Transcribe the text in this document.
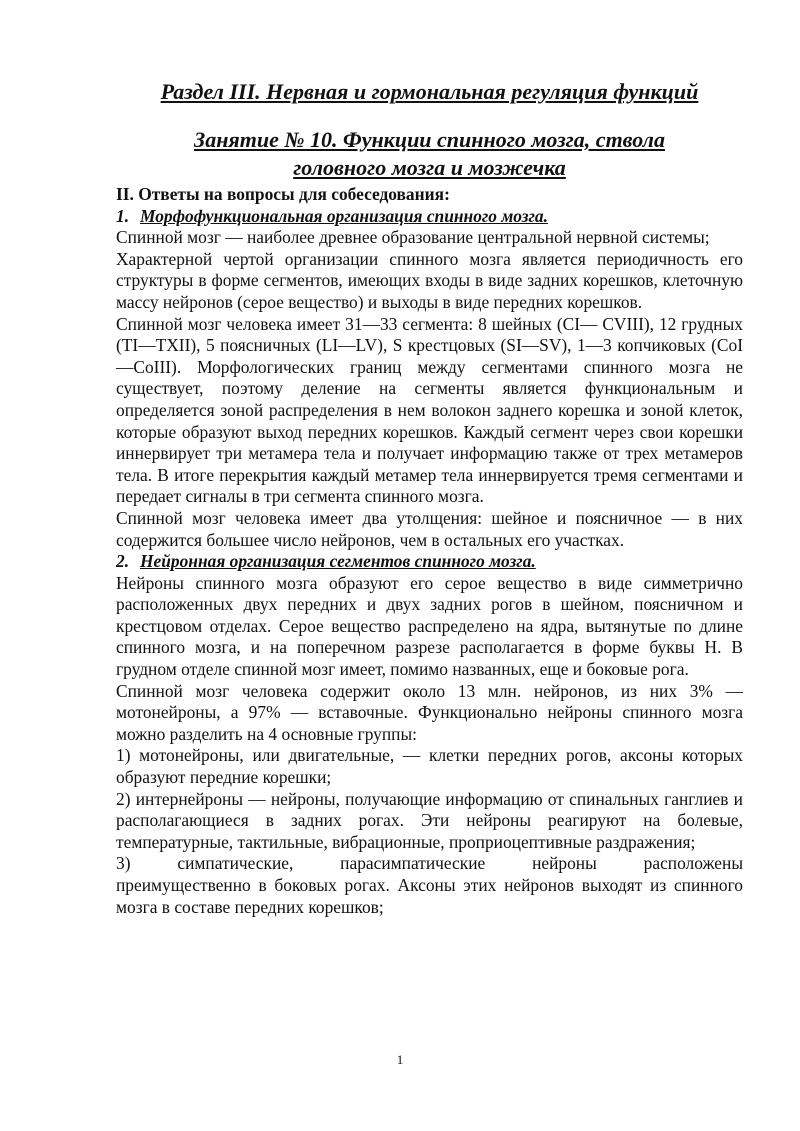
Раздел III. Нервная и гормональная регуляция функций
Занятие № 10. Функции спинного мозга, ствола
головного мозга и мозжечка
II. Ответы на вопросы для собеседования:
1. Морфофункциональная организация спинного мозга.

Спинной мозг — наиболее древнее образование центральной нервной системы;

Характерной чертой организации спинного мозга является периодичность его структуры в форме сегментов, имеющих входы в виде задних корешков, клеточную массу нейронов (серое вещество) и выходы в виде передних корешков.

Спинной мозг человека имеет 31—33 сегмента: 8 шейных (CI— CVIII), 12 грудных (TI—TXII), 5 поясничных (LI—LV), S крестцовых (SI—SV), 1—3 копчиковых (CoI—CoIII). Морфологических границ между сегментами спинного мозга не существует, поэтому деление на сегменты является функциональным и определяется зоной распределения в нем волокон заднего корешка и зоной клеток, которые образуют выход передних корешков. Каждый сегмент через свои корешки иннервирует три метамера тела и получает информацию также от трех метамеров тела. В итоге перекрытия каждый метамер тела иннервируется тремя сегментами и передает сигналы в три сегмента спинного мозга.

Спинной мозг человека имеет два утолщения: шейное и поясничное — в них содержится большее число нейронов, чем в остальных его участках.

2. Нейронная организация сегментов спинного мозга.

Нейроны спинного мозга образуют его серое вещество в виде симметрично расположенных двух передних и двух задних рогов в шейном, поясничном и крестцовом отделах. Серое вещество распределено на ядра, вытянутые по длине спинного мозга, и на поперечном разрезе располагается в форме буквы Н. В грудном отделе спинной мозг имеет, помимо названных, еще и боковые рога.

Спинной мозг человека содержит около 13 млн. нейронов, из них 3% — мотонейроны, а 97% — вставочные. Функционально нейроны спинного мозга можно разделить на 4 основные группы:

1) мотонейроны, или двигательные, — клетки передних рогов, аксоны которых образуют передние корешки;

2) интернейроны — нейроны, получающие информацию от спинальных ганглиев и располагающиеся в задних рогах. Эти нейроны реагируют на болевые, температурные, тактильные, вибрационные, проприоцептивные раздражения;

3)	симпатические,	парасимпатические	нейроны	расположены

преимущественно в боковых рогах. Аксоны этих нейронов выходят из спинного мозга в составе передних корешков;

1
